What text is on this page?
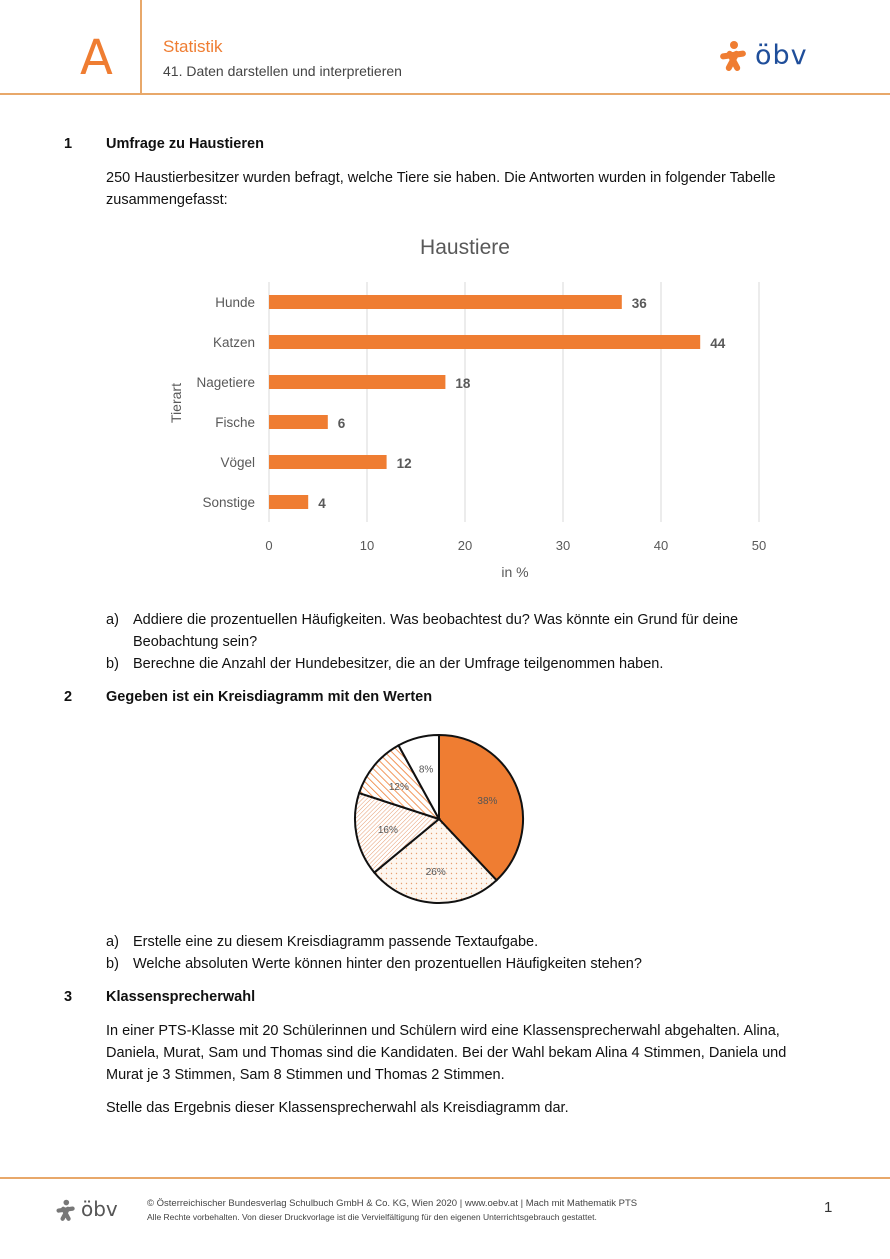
A	Statistik
41. Daten darstellen und interpretieren	öbv
1 Umfrage zu Haustieren
250 Haustierbesitzer wurden befragt, welche Tiere sie haben. Die Antworten wurden in folgender Tabelle zusammengefasst:
Haustiere
Hunde
Katzen
Nagetiere
Fische
Vögel
Sonstige
36
44
18
6
12
4
0	10	20	30	40	50
in %
Tierart
a) Addiere die prozentuellen Häufigkeiten. Was beobachtest du? Was könnte ein Grund für deine Beobachtung sein?
b) Berechne die Anzahl der Hundebesitzer, die an der Umfrage teilgenommen haben.
2 Gegeben ist ein Kreisdiagramm mit den Werten
38%
26%
16%
12%
8%
a) Erstelle eine zu diesem Kreisdiagramm passende Textaufgabe.
b) Welche absoluten Werte können hinter den prozentuellen Häufigkeiten stehen?
3 Klassensprecherwahl
In einer PTS-Klasse mit 20 Schülerinnen und Schülern wird eine Klassensprecherwahl abgehalten. Alina, Daniela, Murat, Sam und Thomas sind die Kandidaten. Bei der Wahl bekam Alina 4 Stimmen, Daniela und Murat je 3 Stimmen, Sam 8 Stimmen und Thomas 2 Stimmen.
Stelle das Ergebnis dieser Klassensprecherwahl als Kreisdiagramm dar.
öbv	© Österreichischer Bundesverlag Schulbuch GmbH & Co. KG, Wien 2020 | www.oebv.at | Mach mit Mathematik PTS
Alle Rechte vorbehalten. Von dieser Druckvorlage ist die Vervielfältigung für den eigenen Unterrichtsgebrauch gestattet.
1
